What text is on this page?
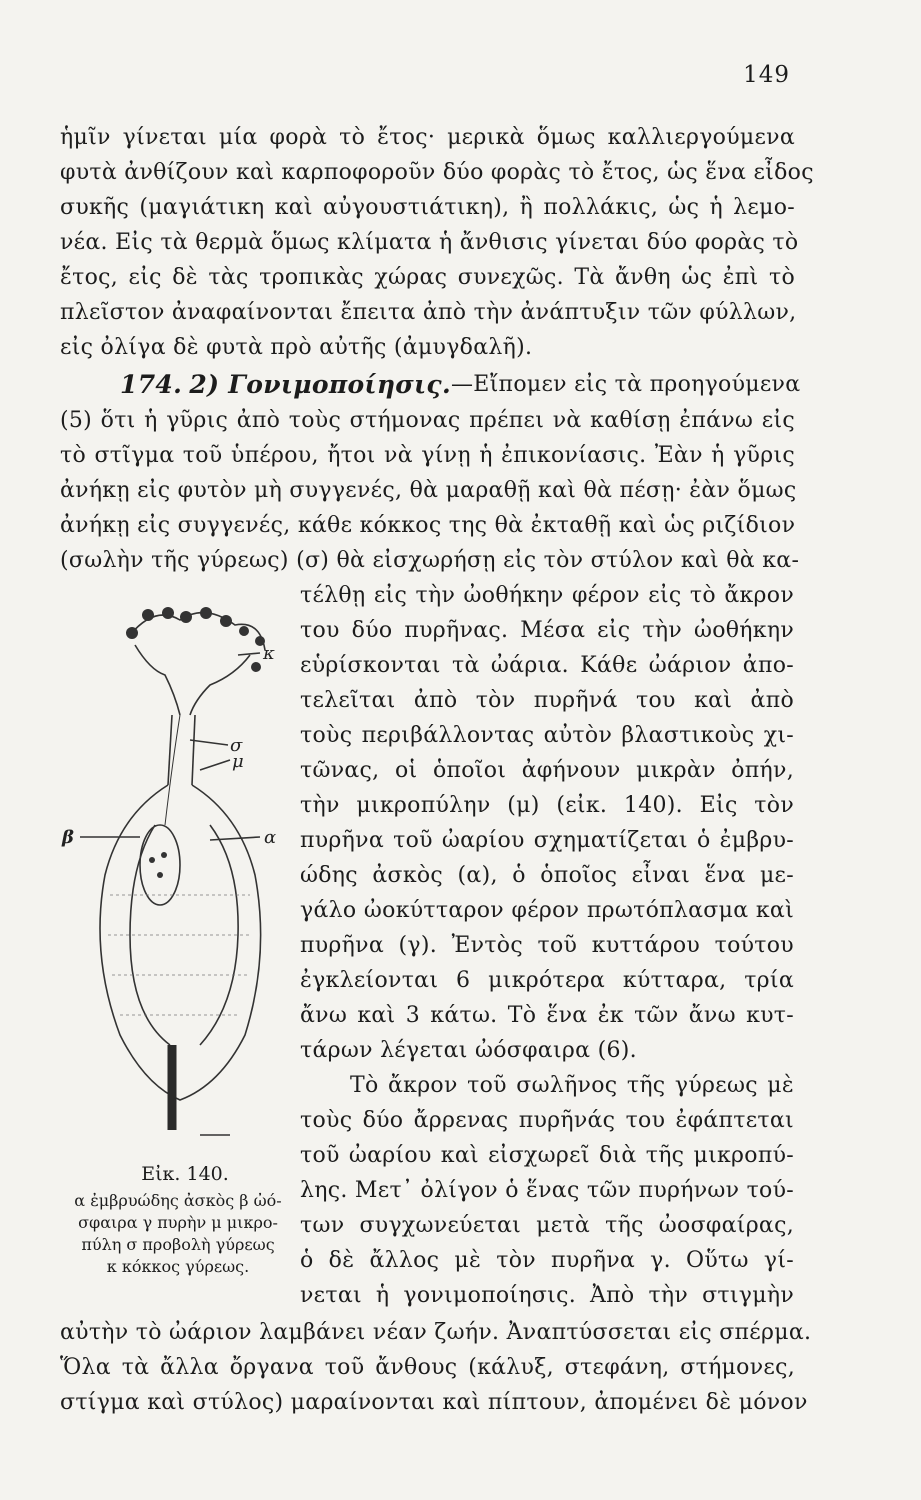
149
ἡμῖν γίνεται μία φορὰ τὸ ἔτος· μερικὰ ὅμως καλλιεργούμενα
φυτὰ ἀνθίζουν καὶ καρποφοροῦν δύο φορὰς τὸ ἔτος, ὡς ἕνα εἶδος
συκῆς (μαγιάτικη καὶ αὐγουστιάτικη), ἢ πολλάκις, ὡς ἡ λεμο-
νέα. Εἰς τὰ θερμὰ ὅμως κλίματα ἡ ἄνθισις γίνεται δύο φορὰς τὸ
ἔτος, εἰς δὲ τὰς τροπικὰς χώρας συνεχῶς. Τὰ ἄνθη ὡς ἐπὶ τὸ
πλεῖστον ἀναφαίνονται ἔπειτα ἀπὸ τὴν ἀνάπτυξιν τῶν φύλλων,
εἰς ὀλίγα δὲ φυτὰ πρὸ αὐτῆς (ἀμυγδαλῆ).
174. 2) Γονιμοποίησις. —Εἴπομεν εἰς τὰ προηγούμενα
(5) ὅτι ἡ γῦρις ἀπὸ τοὺς στήμονας πρέπει νὰ καθίσῃ ἐπάνω εἰς
τὸ στῖγμα τοῦ ὑπέρου, ἤτοι νὰ γίνῃ ἡ ἐπικονίασις. Ἐὰν ἡ γῦρις
ἀνήκῃ εἰς φυτὸν μὴ συγγενές, θὰ μαραθῇ καὶ θὰ πέσῃ· ἐὰν ὅμως
ἀνήκῃ εἰς συγγενές, κάθε κόκκος της θὰ ἐκταθῇ καὶ ὡς ριζίδιον
(σωλὴν τῆς γύρεως) (σ) θὰ εἰσχωρήσῃ εἰς τὸν στύλον καὶ θὰ κα-
τέλθῃ εἰς τὴν ὠοθήκην φέρον εἰς τὸ ἄκρον
του δύο πυρῆνας. Μέσα εἰς τὴν ὠοθήκην
εὑρίσκονται τὰ ὠάρια. Κάθε ὠάριον ἀπο-
τελεῖται ἀπὸ τὸν πυρῆνά του καὶ ἀπὸ
τοὺς περιβάλλοντας αὐτὸν βλαστικοὺς χι-
τῶνας, οἱ ὁποῖοι ἀφήνουν μικρὰν ὀπήν,
τὴν μικροπύλην (μ) (εἰκ. 140). Εἰς τὸν
πυρῆνα τοῦ ὠαρίου σχηματίζεται ὁ ἐμβρυ-
ώδης ἀσκὸς (α), ὁ ὁποῖος εἶναι ἕνα με-
γάλο ὠοκύτταρον φέρον πρωτόπλασμα καὶ
πυρῆνα (γ). Ἐντὸς τοῦ κυττάρου τούτου
ἐγκλείονται 6 μικρότερα κύτταρα, τρία
ἄνω καὶ 3 κάτω. Τὸ ἕνα ἐκ τῶν ἄνω κυτ-
τάρων λέγεται ὠόσφαιρα (6).
Τὸ ἄκρον τοῦ σωλῆνος τῆς γύρεως μὲ
τοὺς δύο ἄρρενας πυρῆνάς του ἐφάπτεται
τοῦ ὠαρίου καὶ εἰσχωρεῖ διὰ τῆς μικροπύ-
λης. Μετ᾽ ὀλίγον ὁ ἕνας τῶν πυρήνων τού-
των συγχωνεύεται μετὰ τῆς ὠοσφαίρας,
ὁ δὲ ἄλλος μὲ τὸν πυρῆνα γ. Οὕτω γί-
νεται ἡ γονιμοποίησις. Ἀπὸ τὴν στιγμὴν
αὐτὴν τὸ ὠάριον λαμβάνει νέαν ζωήν. Ἀναπτύσσεται εἰς σπέρμα.
Ὅλα τὰ ἄλλα ὄργανα τοῦ ἄνθους (κάλυξ, στεφάνη, στήμονες,
στίγμα καὶ στύλος) μαραίνονται καὶ πίπτουν, ἀπομένει δὲ μόνον
σ
κ
μ
β	α
Εἰκ. 140.
α ἐμβρυώδης ἀσκὸς β ὠό-
σφαιρα γ πυρὴν μ μικρο-
πύλη σ προβολὴ γύρεως
κ κόκκος γύρεως.
